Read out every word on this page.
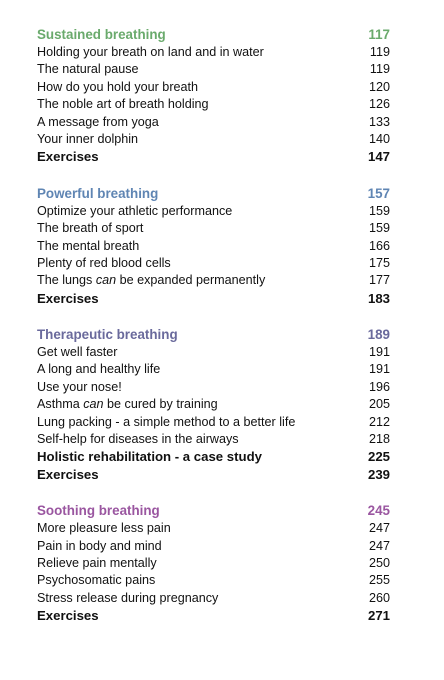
Sustained breathing	117
Holding your breath on land and in water	119
The natural pause	119
How do you hold your breath	120
The noble art of breath holding	126
A message from yoga	133
Your inner dolphin	140
Exercises	147
Powerful breathing	157
Optimize your athletic performance	159
The breath of sport	159
The mental breath	166
Plenty of red blood cells	175
The lungs can be expanded permanently	177
Exercises	183
Therapeutic breathing	189
Get well faster	191
A long and healthy life	191
Use your nose!	196
Asthma can be cured by training	205
Lung packing - a simple method to a better life	212
Self-help for diseases in the airways	218
Holistic rehabilitation - a case study	225
Exercises	239
Soothing breathing	245
More pleasure less pain	247
Pain in body and mind	247
Relieve pain mentally	250
Psychosomatic pains	255
Stress release during pregnancy	260
Exercises	271
